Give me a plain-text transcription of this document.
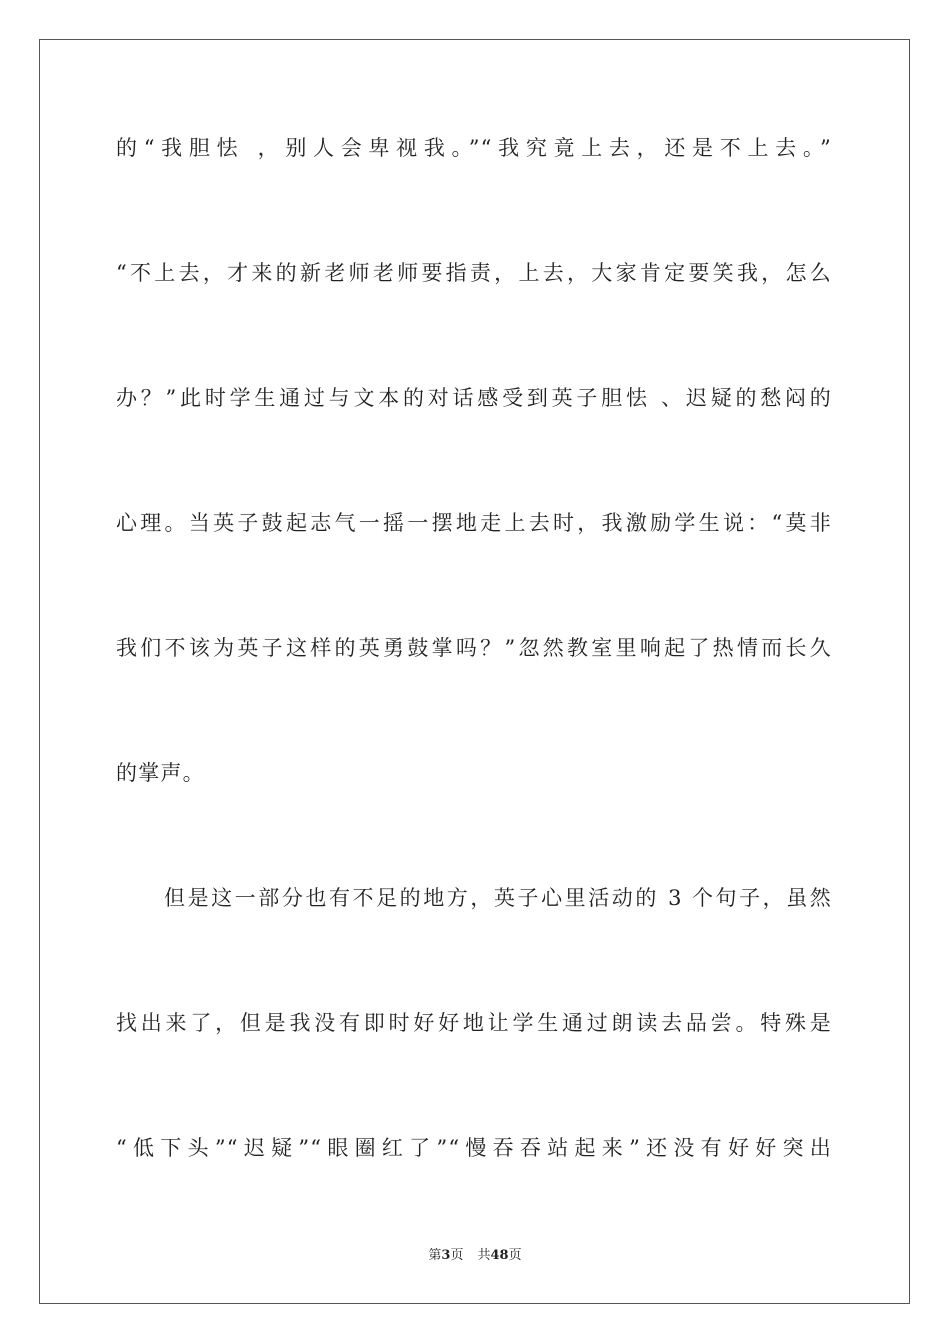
的“我胆怯 ，别人会卑视我。”“我究竟上去，还是不上去。”
“不上去，才来的新老师老师要指责，上去，大家肯定要笑我，怎么
办？”此时学生通过与文本的对话感受到英子胆怯 、迟疑的愁闷的
心理。当英子鼓起志气一摇一摆地走上去时，我激励学生说：“莫非
我们不该为英子这样的英勇鼓掌吗？”忽然教室里响起了热情而长久
的掌声。
但是这一部分也有不足的地方，英子心里活动的 3 个句子，虽然
找出来了，但是我没有即时好好地让学生通过朗读去品尝。特殊是
“低下头”“迟疑”“眼圈红了”“慢吞吞站起来”还没有好好突出
第3页 共48页
